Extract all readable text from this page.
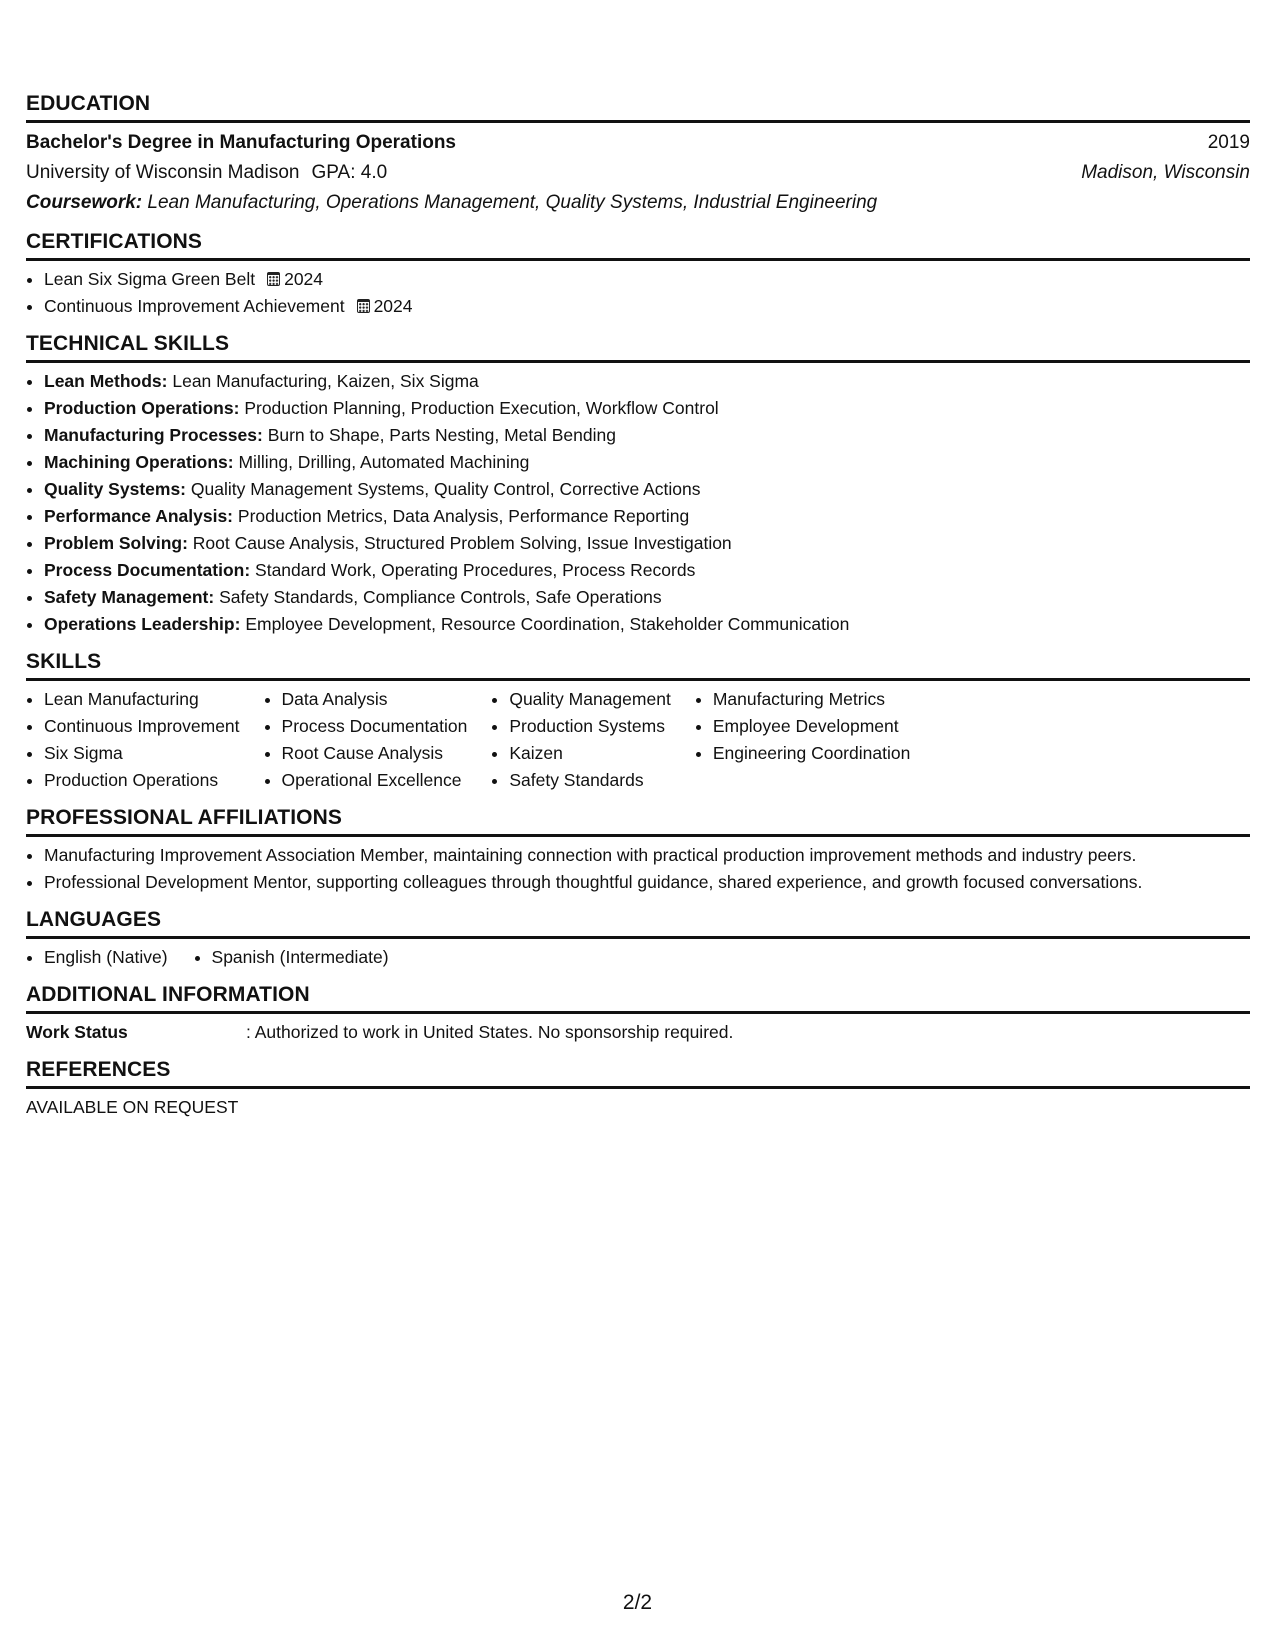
EDUCATION
Bachelor's Degree in Manufacturing Operations	2019
University of Wisconsin Madison GPA: 4.0	Madison, Wisconsin
Coursework: Lean Manufacturing, Operations Management, Quality Systems, Industrial Engineering
CERTIFICATIONS
• Lean Six Sigma Green Belt 2024
• Continuous Improvement Achievement 2024
TECHNICAL SKILLS
• Lean Methods: Lean Manufacturing, Kaizen, Six Sigma
• Production Operations: Production Planning, Production Execution, Workflow Control
• Manufacturing Processes: Burn to Shape, Parts Nesting, Metal Bending
• Machining Operations: Milling, Drilling, Automated Machining
• Quality Systems: Quality Management Systems, Quality Control, Corrective Actions
• Performance Analysis: Production Metrics, Data Analysis, Performance Reporting
• Problem Solving: Root Cause Analysis, Structured Problem Solving, Issue Investigation
• Process Documentation: Standard Work, Operating Procedures, Process Records
• Safety Management: Safety Standards, Compliance Controls, Safe Operations
• Operations Leadership: Employee Development, Resource Coordination, Stakeholder Communication
SKILLS
• Lean Manufacturing
• Continuous Improvement
• Six Sigma
• Production Operations
• Data Analysis
• Process Documentation
• Root Cause Analysis
• Operational Excellence
• Quality Management
• Production Systems
• Kaizen
• Safety Standards
• Manufacturing Metrics
• Employee Development
• Engineering Coordination
PROFESSIONAL AFFILIATIONS
• Manufacturing Improvement Association Member, maintaining connection with practical production improvement methods and industry peers.
• Professional Development Mentor, supporting colleagues through thoughtful guidance, shared experience, and growth focused conversations.
LANGUAGES
• English (Native)
•	Spanish (Intermediate)
ADDITIONAL INFORMATION
Work Status	: Authorized to work in United States. No sponsorship required.
REFERENCES
AVAILABLE ON REQUEST
2/2
